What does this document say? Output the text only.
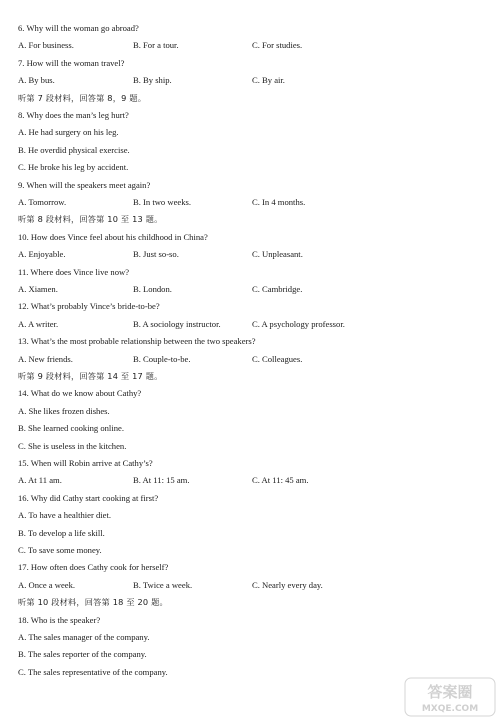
6. Why will the woman go abroad?
A. For business.	B. For a tour.	C. For studies.
7. How will the woman travel?
A. By bus.	B. By ship.	C. By air.
听第 7 段材料，回答第 8，9 题。
8. Why does the man’s leg hurt?
A. He had surgery on his leg.
B. He overdid physical exercise.
C. He broke his leg by accident.
9. When will the speakers meet again?
A. Tomorrow.	B. In two weeks.	C. In 4 months.
听第 8 段材料，回答第 10 至 13 题。
10. How does Vince feel about his childhood in China?
A. Enjoyable.	B. Just so-so.	C. Unpleasant.
11. Where does Vince live now?
A. Xiamen.	B. London.	C. Cambridge.
12. What’s probably Vince’s bride-to-be?
A. A writer.	B. A sociology instructor.	C. A psychology professor.
13. What’s the most probable relationship between the two speakers?
A. New friends.	B. Couple-to-be.	C. Colleagues.
听第 9 段材料，回答第 14 至 17 题。
14. What do we know about Cathy?
A. She likes frozen dishes.
B. She learned cooking online.
C. She is useless in the kitchen.
15. When will Robin arrive at Cathy’s?
A. At 11 am.	B. At 11: 15 am.	C. At 11: 45 am.
16. Why did Cathy start cooking at first?
A. To have a healthier diet.
B. To develop a life skill.
C. To save some money.
17. How often does Cathy cook for herself?
A. Once a week.	B. Twice a week.	C. Nearly every day.
听第 10 段材料，回答第 18 至 20 题。
18. Who is the speaker?
A. The sales manager of the company.
B. The sales reporter of the company.
C. The sales representative of the company.
答案圈
MXQE.COM
